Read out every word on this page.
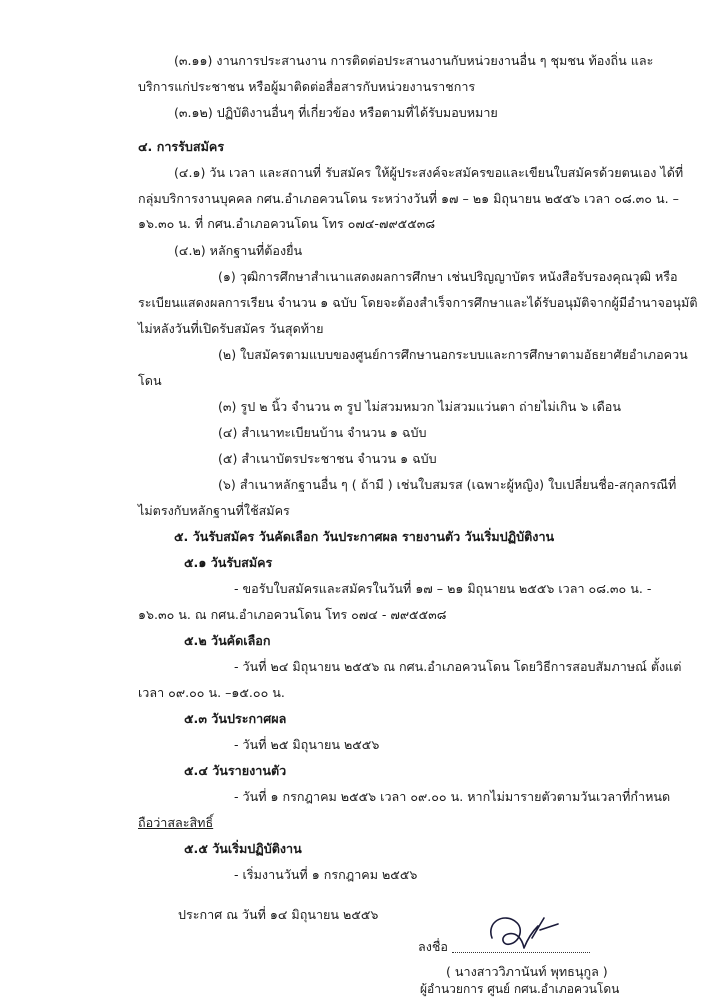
(๓.๑๑) งานการประสานงาน การติดต่อประสานงานกับหน่วยงานอื่น ๆ ชุมชน ท้องถิ่น และ
บริการแก่ประชาชน หรือผู้มาติดต่อสื่อสารกับหน่วยงานราชการ
(๓.๑๒) ปฏิบัติงานอื่นๆ ที่เกี่ยวข้อง หรือตามที่ได้รับมอบหมาย
๔. การรับสมัคร
(๔.๑) วัน เวลา และสถานที่ รับสมัคร ให้ผู้ประสงค์จะสมัครขอและเขียนใบสมัครด้วยตนเอง ได้ที่
กลุ่มบริการงานบุคคล กศน.อำเภอควนโดน ระหว่างวันที่ ๑๗ – ๒๑ มิถุนายน ๒๕๕๖ เวลา ๐๘.๓๐ น. –
๑๖.๓๐ น. ที่ กศน.อำเภอควนโดน โทร ๐๗๔-๗๙๕๕๓๘
(๔.๒) หลักฐานที่ต้องยื่น
(๑) วุฒิการศึกษาสำเนาแสดงผลการศึกษา เช่นปริญญาบัตร หนังสือรับรองคุณวุฒิ หรือ
ระเบียนแสดงผลการเรียน จำนวน ๑ ฉบับ โดยจะต้องสำเร็จการศึกษาและได้รับอนุมัติจากผู้มีอำนาจอนุมัติ
ไม่หลังวันที่เปิดรับสมัคร วันสุดท้าย
(๒) ใบสมัครตามแบบของศูนย์การศึกษานอกระบบและการศึกษาตามอัธยาศัยอำเภอควน
โดน
(๓) รูป ๒ นิ้ว จำนวน ๓ รูป ไม่สวมหมวก ไม่สวมแว่นตา ถ่ายไม่เกิน ๖ เดือน
(๔) สำเนาทะเบียนบ้าน จำนวน ๑ ฉบับ
(๕) สำเนาบัตรประชาชน จำนวน ๑ ฉบับ
(๖) สำเนาหลักฐานอื่น ๆ ( ถ้ามี ) เช่นใบสมรส (เฉพาะผู้หญิง) ใบเปลี่ยนชื่อ-สกุลกรณีที่
ไม่ตรงกับหลักฐานที่ใช้สมัคร
๕. วันรับสมัคร วันคัดเลือก วันประกาศผล รายงานตัว วันเริ่มปฏิบัติงาน
๕.๑ วันรับสมัคร
- ขอรับใบสมัครและสมัครในวันที่ ๑๗ – ๒๑ มิถุนายน ๒๕๕๖ เวลา ๐๘.๓๐ น. -
๑๖.๓๐ น. ณ กศน.อำเภอควนโดน โทร ๐๗๔ - ๗๙๕๕๓๘
๕.๒ วันคัดเลือก
- วันที่ ๒๔ มิถุนายน ๒๕๕๖ ณ กศน.อำเภอควนโดน โดยวิธีการสอบสัมภาษณ์ ตั้งแต่
เวลา ๐๙.๐๐ น. –๑๕.๐๐ น.
๕.๓ วันประกาศผล
- วันที่ ๒๕ มิถุนายน ๒๕๕๖
๕.๔ วันรายงานตัว
- วันที่ ๑ กรกฎาคม ๒๕๕๖ เวลา ๐๙.๐๐ น. หากไม่มารายตัวตามวันเวลาที่กำหนด
ถือว่าสละสิทธิ์
๕.๕ วันเริ่มปฏิบัติงาน
- เริ่มงานวันที่ ๑ กรกฎาคม ๒๕๕๖
ประกาศ ณ วันที่ ๑๔ มิถุนายน ๒๕๕๖
ลงชื่อ
( นางสาววิภานันท์ พุทธนุกูล )
ผู้อำนวยการ ศูนย์ กศน.อำเภอควนโดน
